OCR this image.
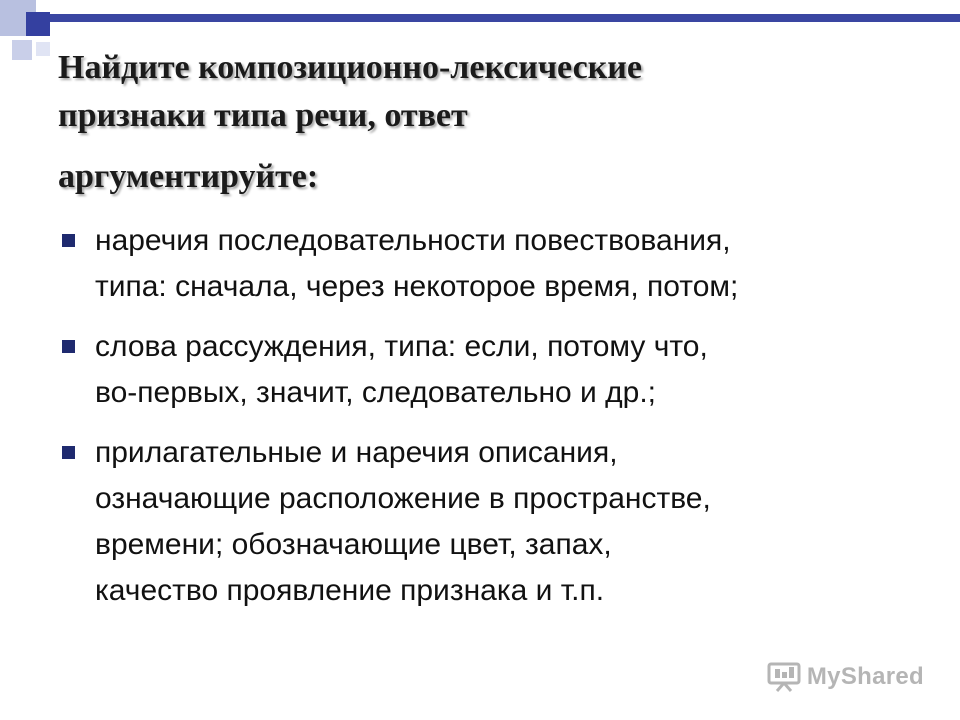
Найдите композиционно-лексические
признаки типа речи, ответ
аргументируйте:
наречия последовательности повествования,
типа: сначала, через некоторое время, потом;
слова рассуждения, типа: если, потому что,
во-первых, значит, следовательно и др.;
прилагательные и наречия описания,
означающие расположение в пространстве,
времени; обозначающие цвет, запах,
качество проявление признака и т.п.
MyShared
